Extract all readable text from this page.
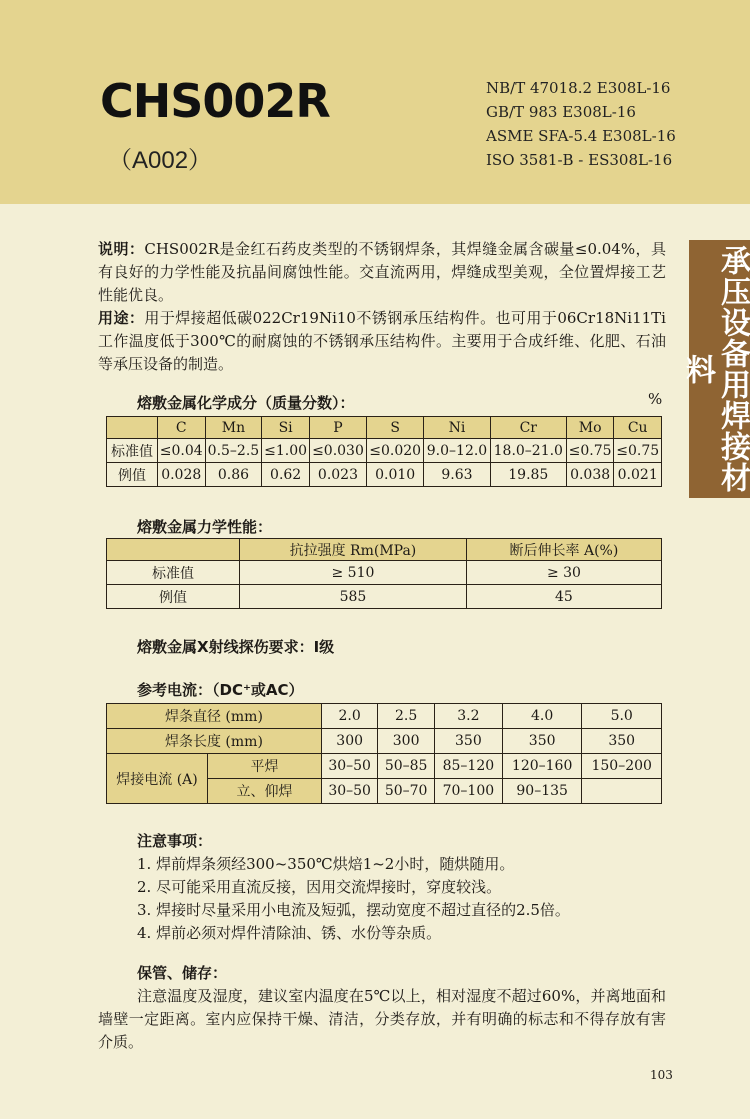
CHS002R
（A002）
NB/T 47018.2 E308L-16
GB/T 983 E308L-16
ASME SFA-5.4 E308L-16
ISO 3581-B - ES308L-16
承压设备用焊接材料
说明：CHS002R是金红石药皮类型的不锈钢焊条，其焊缝金属含碳量≤0.04%，具有良好的力学性能及抗晶间腐蚀性能。交直流两用，焊缝成型美观，全位置焊接工艺性能优良。
用途：用于焊接超低碳022Cr19Ni10不锈钢承压结构件。也可用于06Cr18Ni11Ti工作温度低于300℃的耐腐蚀的不锈钢承压结构件。主要用于合成纤维、化肥、石油等承压设备的制造。
熔敷金属化学成分（质量分数）：	%
	C	Mn	Si	P	S	Ni	Cr	Mo	Cu
标准值	≤0.04	0.5–2.5	≤1.00	≤0.030	≤0.020	9.0–12.0	18.0–21.0	≤0.75	≤0.75
例值	0.028	0.86	0.62	0.023	0.010	9.63	19.85	0.038	0.021
熔敷金属力学性能：
	抗拉强度 Rm(MPa)	断后伸长率 A(%)
标准值	≥ 510	≥ 30
例值	585	45
熔敷金属X射线探伤要求：Ⅰ级
参考电流：（DC⁺或AC）
焊条直径 (mm)		2.0	2.5	3.2	4.0	5.0
焊条长度 (mm)		300	300	350	350	350
焊接电流 (A)	平焊	30–50	50–85	85–120	120–160	150–200
	立、仰焊	30–50	50–70	70–100	90–135	
注意事项：
1. 焊前焊条须经300~350℃烘焙1~2小时，随烘随用。
2. 尽可能采用直流反接，因用交流焊接时，穿度较浅。
3. 焊接时尽量采用小电流及短弧，摆动宽度不超过直径的2.5倍。
4. 焊前必须对焊件清除油、锈、水份等杂质。
保管、储存：
注意温度及湿度，建议室内温度在5℃以上，相对湿度不超过60%，并离地面和墙壁一定距离。室内应保持干燥、清洁，分类存放，并有明确的标志和不得存放有害介质。
103
